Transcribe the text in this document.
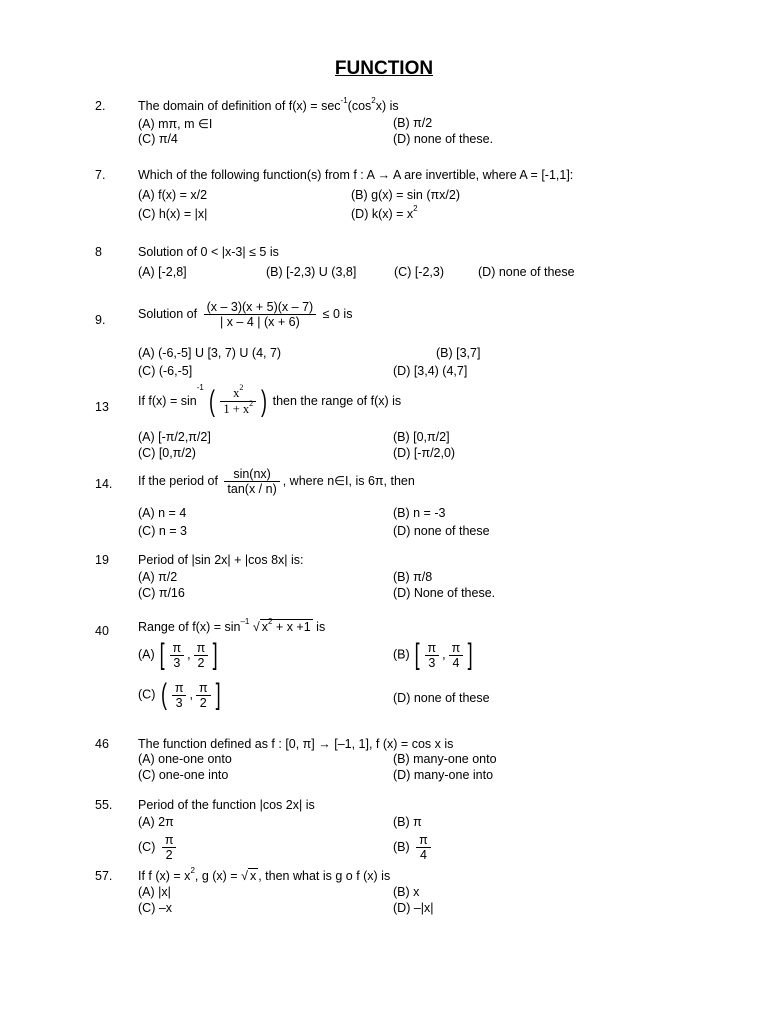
FUNCTION
2.	The domain of definition of $f(x) = \sec^{-1}(\cos^2x)$ is
(A) mπ, m ∈I	(B) π/2
(C) π/4	(D) none of these.
7.	Which of the following function(s) from f : A → A are invertible, where A = [-1,1]:
(A) f(x) = x/2	(B) g(x) = sin (πx/2)
(C) h(x) = |x|	(D) $k(x) = x^2$
8	Solution of 0 < |x-3| ≤ 5 is
(A) [-2,8]	(B) [-2,3) U (3,8]	(C) [-2,3)	(D) none of these
9.	Solution of $\frac{(x - 3)(x + 5)(x - 7)}{| x - 4 | (x + 6)} \le 0$ is
(A) (-6,-5] U [3, 7) U (4, 7)	(B) [3,7]
(C) (-6,-5]	(D) [3,4) (4,7]
13 If $f(x) = \sin^{-1}$ ( $\frac{x^2}{1 + x^2}$ ) then the range of f(x) is
(A) [-π/2,π/2]	(B) [0,π/2]
(C) [0,π/2)	(D) [-π/2,0)
14. If the period of $\frac{\sin(nx)}{\tan(x / n)}$ , where n∈I, is 6π, then
(A) n = 4	(B) n = -3
(C) n = 3	(D) none of these
19 Period of |sin 2x| + |cos 8x| is:
(A) π/2	(B) π/8
(C) π/16	(D) None of these.
40 Range of $f(x) = \sin^{-1}$ √ $x^2 + x +1$ is
(A) [ $\frac{\pi}{3}$ , $\frac{\pi}{2}$ ]	(B) [ $\frac{\pi}{3}$ , $\frac{\pi}{4}$ ]
(C) ( $\frac{\pi}{3}$ , $\frac{\pi}{2}$ ]	(D) none of these
46 The function defined as f : [0, π] → [–1, 1], f (x) = cos x is
(A) one-one onto	(B) many-one onto
(C) one-one into	(D) many-one into
55. Period of the function |cos 2x| is
(A) 2π	(B) π
$(C) \frac{\pi}{2}$	$(B) \frac{\pi}{4}$
57. If f $(x) = x^2$, g (x) = √ x , then what is g o f (x) is
(A) |x|	(B) x
(C) –x	(D) –|x|
